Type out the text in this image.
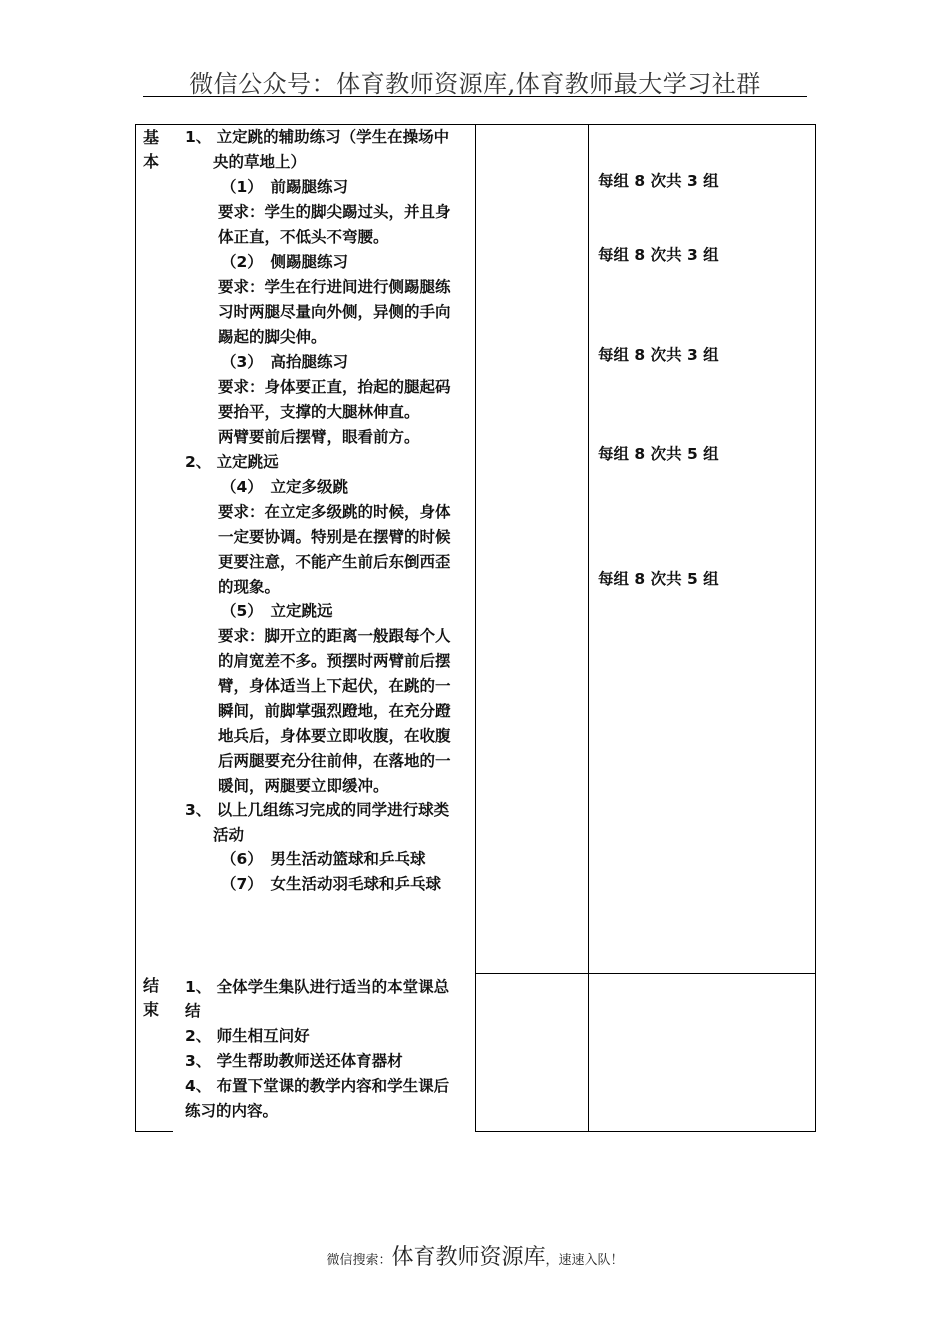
微信公众号：体育教师资源库,体育教师最大学习社群
基
本
结
束
1、 立定跳的辅助练习（学生在操场中
央的草地上）
（1）　前踢腿练习
要求：学生的脚尖踢过头，并且身
体正直，不低头不弯腰。
（2）　侧踢腿练习
要求：学生在行进间进行侧踢腿练
习时两腿尽量向外侧，异侧的手向
踢起的脚尖伸。
（3）　高抬腿练习
要求：身体要正直，抬起的腿起码
要抬平，支撑的大腿林伸直。
两臂要前后摆臂，眼看前方。
2、 立定跳远
（4）　立定多级跳
要求：在立定多级跳的时候，身体
一定要协调。特别是在摆臂的时候
更要注意，不能产生前后东倒西歪
的现象。
（5）　立定跳远
要求：脚开立的距离一般跟每个人
的肩宽差不多。预摆时两臂前后摆
臂，身体适当上下起伏，在跳的一
瞬间，前脚掌强烈蹬地，在充分蹬
地兵后，身体要立即收腹，在收腹
后两腿要充分往前伸，在落地的一
暖间，两腿要立即缓冲。
3、 以上几组练习完成的同学进行球类
活动
（6）　男生活动篮球和乒乓球
（7）　女生活动羽毛球和乒乓球
每组 8 次共 3 组
每组 8 次共 3 组
每组 8 次共 3 组
每组 8 次共 5 组
每组 8 次共 5 组
1、 全体学生集队进行适当的本堂课总
结
2、 师生相互问好
3、 学生帮助教师送还体育器材
4、 布置下堂课的教学内容和学生课后
练习的内容。
微信搜索：体育教师资源库，速速入队！
